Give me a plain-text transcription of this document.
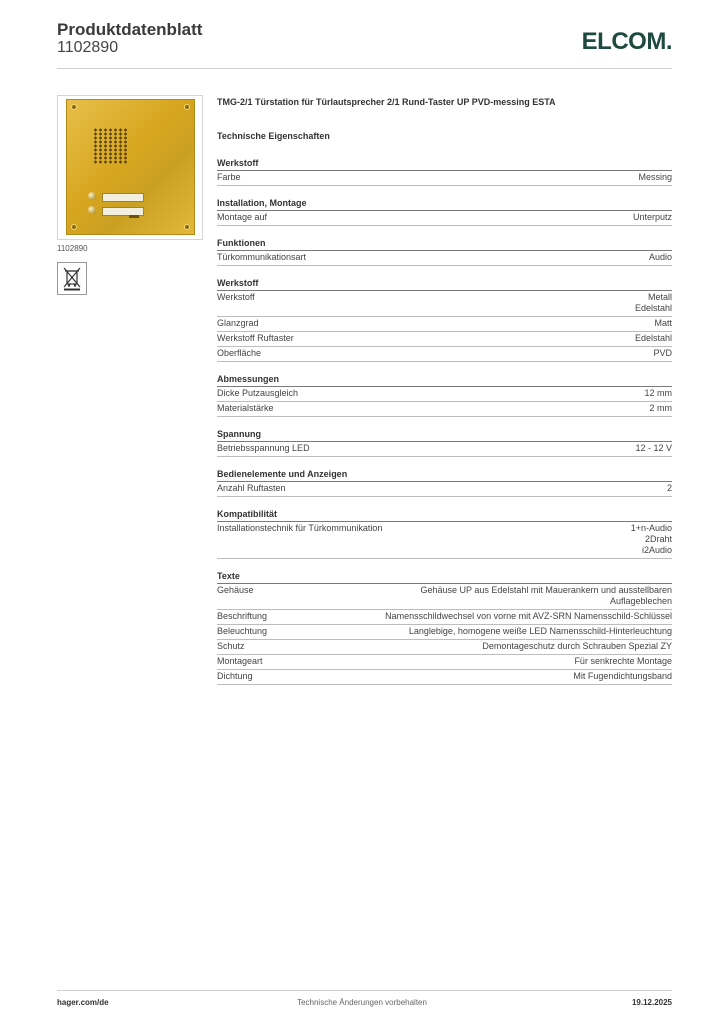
Produktdatenblatt
1102890	ELCOM.
1102890
TMG-2/1 Türstation für Türlautsprecher 2/1 Rund-Taster UP PVD-messing ESTA
Technische Eigenschaften
Werkstoff
Farbe	Messing
Installation, Montage
Montage auf	Unterputz
Funktionen
Türkommunikationsart	Audio
Werkstoff
Werkstoff	Metall
Edelstahl
Glanzgrad	Matt
Werkstoff Ruftaster	Edelstahl
Oberfläche	PVD
Abmessungen
Dicke Putzausgleich	12 mm
Materialstärke	2 mm
Spannung
Betriebsspannung LED	12 - 12 V
Bedienelemente und Anzeigen
Anzahl Ruftasten	2
Kompatibilität
Installationstechnik für Türkommunikation	1+n-Audio
2Draht
i2Audio
Texte
Gehäuse	Gehäuse UP aus Edelstahl mit Mauerankern und ausstellbaren Auflageblechen
Beschriftung	Namensschildwechsel von vorne mit AVZ-SRN Namensschild-Schlüssel
Beleuchtung	Langlebige, homogene weiße LED Namensschild-Hinterleuchtung
Schutz	Demontageschutz durch Schrauben Spezial ZY
Montageart	Für senkrechte Montage
Dichtung	Mit Fugendichtungsband
hager.com/de	Technische Änderungen vorbehalten	19.12.2025
